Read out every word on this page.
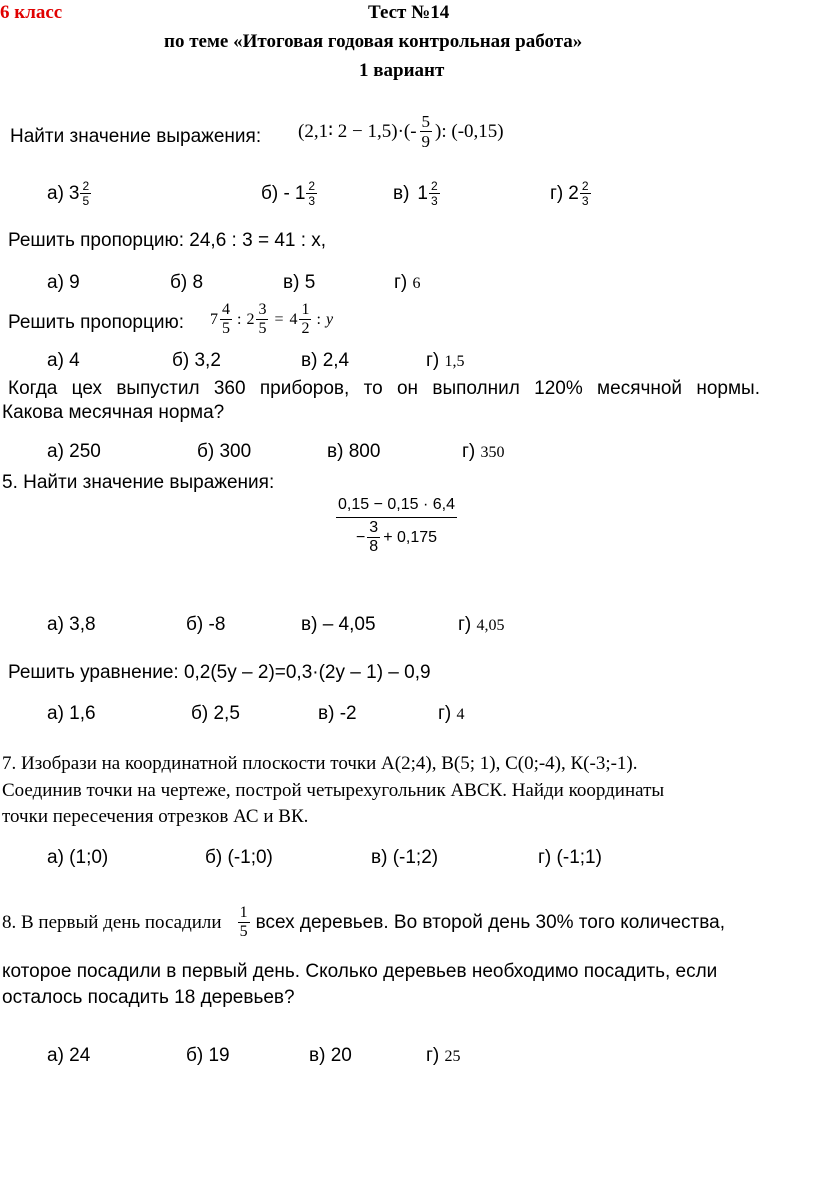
6 класс	Тест №14
по теме «Итоговая годовая контрольная работа»
1 вариант
Найти значение выражения: (2,1∶ $2 - 1,5)\cdot(- \frac{5}{9}$ ): (-0,15)
а) $3 \frac{2}{5}$	$б) - 1 \frac{2}{3}$	в) $1 \frac{2}{3}$	г) $2 \frac{2}{3}$
Решить пропорцию: 24,6 : 3 = 41 : х,
а) 9	б) 8	в) 5	г) 6
Решить пропорцию: $7 \frac{4}{5}$ : $2 \frac{3}{5} = 4 \frac{1}{2}$ : y
а) 4	б) 3,2	в) 2,4	г) 1,5
Когда цех выпустил 360 приборов, то он выполнил 120% месячной нормы.
Какова месячная норма?
а) 250	б) 300	в) 800	г) 350
5. Найти значение выражения:
$\frac{0,15 - 0,15 \cdot 6,4}{- \frac{3}{8} + 0,175}$
а) 3,8	б) -8	в) – 4,05	г) 4,05
Решить уравнение: 0,2(5у – 2)=0,3·(2у – 1) – 0,9
а) 1,6	б) 2,5	в) -2	г) 4
7. Изобрази на координатной плоскости точки А(2;4), В(5; 1), С(0;-4), К(-3;-1).
Соединив точки на чертеже, построй четырехугольник АВСК. Найди координаты
точки пересечения отрезков АС и ВК.
а) (1;0)	б) (-1;0)	в) (-1;2)	г) (-1;1)
8. В первый день посадили $\frac{1}{5}$ всех деревьев. Во второй день 30% того количества,
которое посадили в первый день. Сколько деревьев необходимо посадить, если
осталось посадить 18 деревьев?
а) 24	б) 19	в) 20	г) 25
